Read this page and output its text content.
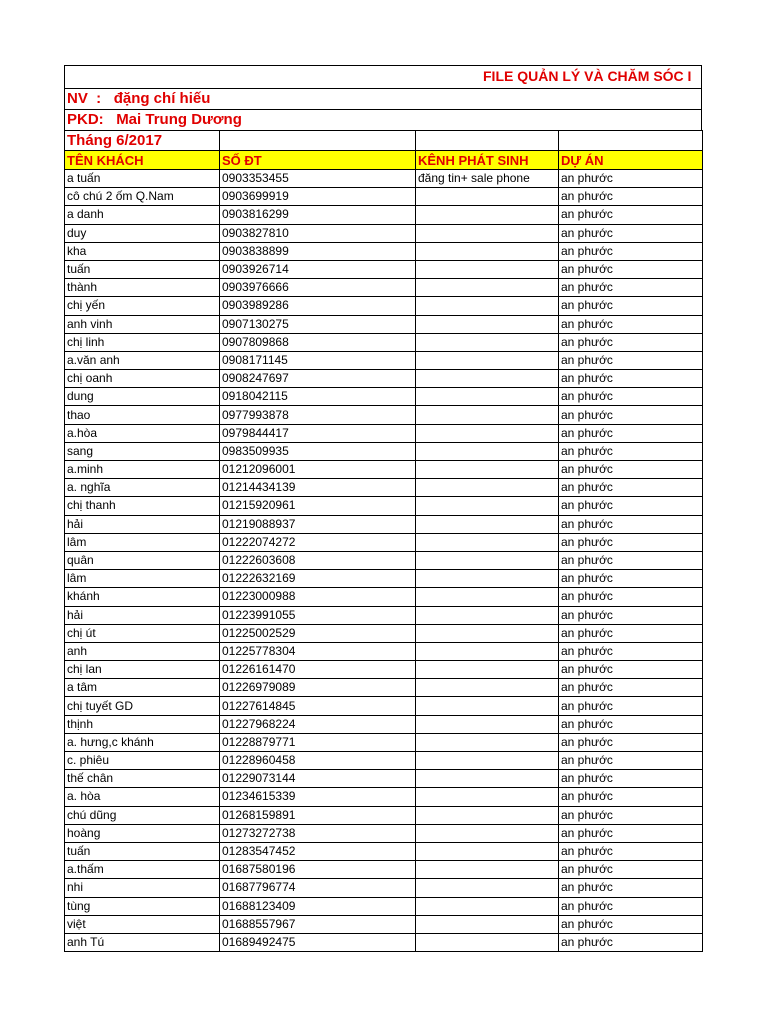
FILE QUẢN LÝ VÀ CHĂM SÓC I
NV  : đặng chí hiếu
PKD: Mai Trung Dương
Tháng 6/2017			
TÊN KHÁCH	SỐ ĐT	KÊNH PHÁT SINH	DỰ ÁN
a tuấn	0903353455	đăng tin+ sale phone	an phước
cô chú 2 ốm Q.Nam	0903699919		an phước
a danh	0903816299		an phước
duy	0903827810		an phước
kha	0903838899		an phước
tuấn	0903926714		an phước
thành	0903976666		an phước
chị yến	0903989286		an phước
anh vinh	0907130275		an phước
chị linh	0907809868		an phước
a.văn anh	0908171145		an phước
chị oanh	0908247697		an phước
dung	0918042115		an phước
thao	0977993878		an phước
a.hòa	0979844417		an phước
sang	0983509935		an phước
a.minh	01212096001		an phước
a. nghĩa	01214434139		an phước
chị thanh	01215920961		an phước
hải	01219088937		an phước
lâm	01222074272		an phước
quân	01222603608		an phước
lâm	01222632169		an phước
khánh	01223000988		an phước
hải	01223991055		an phước
chị út	01225002529		an phước
anh	01225778304		an phước
chị lan	01226161470		an phước
a tâm	01226979089		an phước
chị tuyết GD	01227614845		an phước
thịnh	01227968224		an phước
a. hưng,c khánh	01228879771		an phước
c. phiêu	01228960458		an phước
thế chân	01229073144		an phước
a. hòa	01234615339		an phước
chú dũng	01268159891		an phước
hoàng	01273272738		an phước
tuấn	01283547452		an phước
a.thấm	01687580196		an phước
nhi	01687796774		an phước
tùng	01688123409		an phước
việt	01688557967		an phước
anh Tú	01689492475		an phước
